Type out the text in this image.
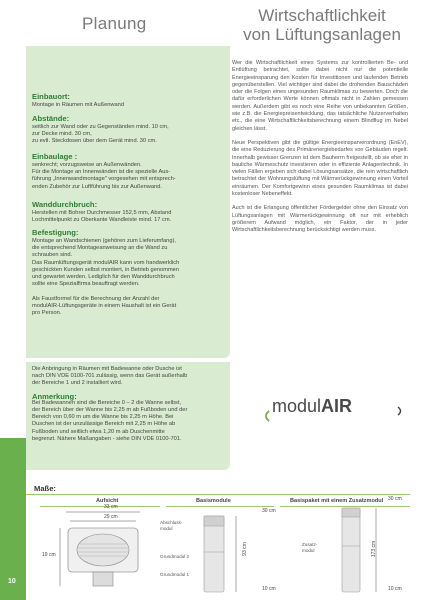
Planung	Wirtschaftlichkeit
von Lüftungsanlagen
Einbauort:
Montage in Räumen mit Außenwand
Abstände:
seitlich zur Wand oder zu Gegenständen mind. 10 cm,
zur Decke mind. 30 cm,
zu evtl. Steckdosen über dem Gerät mind. 30 cm.
Einbaulage :
senkrecht; vorzugsweise an Außenwänden.
Für die Montage an Innenwänden ist die spezielle Aus-
führung „Innenwandmontage" vorgesehen mit entsprech-
enden Zubehör zur Luftführung bis zur Außenwand.
Wanddurchbruch:
Herstellen mit Bohrer Durchmesser 152,5 mm, Abstand
Lochmittelpunkt zu Oberkante Wandleiste mind. 17 cm.
Befestigung:
Montage an Wandschienen (gehören zum Lieferumfang),
die entsprechend Montageanweisung an die Wand zu
schrauben sind.
Das Raumlüftungsgerät modulAIR kann vom handwerklich
geschickten Kunden selbst montiert, in Betrieb genommen
und gewartet werden. Lediglich für den Wanddurchbruch
sollte eine Spezialfirma beauftragt werden.
Als Faustformel für die Berechnung der Anzahl der
modulAIR-Lüftungsgeräte in einem Haushalt ist ein Gerät
pro Person.
Die Anbringung in Räumen mit Badewanne oder Dusche ist
nach DIN VDE 0100-701 zulässig, wenn das Gerät außerhalb
der Bereiche 1 und 2 installiert wird.
Anmerkung:
Bei Badewannen sind die Bereiche 0 – 2 die Wanne selbst,
der Bereich über der Wanne bis 2,25 m ab Fußboden und der
Bereich von 0,60 m um die Wanne bis 2,25 m Höhe. Bei
Duschen ist der unzulässige Bereich mit 2,25 m Höhe ab
Fußboden und seitlich etwa 1,20 m ab Duschenmitte
begrenzt. Nähere Maßangaben - siehe DIN VDE 0100-701.

Wer die Wirtschaftlichkeit eines Systems zur kontrollierten Be- und Entlüftung betrachtet, sollte dabei nicht nur die potentielle Energieeinsparung den Kosten für Investitionen und laufenden Betrieb gegenüberstellen. Viel wichtiger sind dabei die drohenden Bauschäden oder die Folgen eines ungesunden Raumklimas zu bewerten. Doch die dafür erforderlichen Werte können oftmals nicht in Zahlen gemessen werden. Außerdem gibt es noch eine Reihe von unbekannten Größen, wie z.B. die Energiepreisentwicklung, das tatsächliche Nutzerverhalten etc., die eine Wirtschaftlichkeitsberechnung einem Blindflug im Nebel gleichen lässt.

Neue Perspektiven gibt die gültige Energieeinsparverordnung (EnEV), die eine Reduzierung des Primärenergiebedarfes von Gebäuden regelt. Innerhalb gewisser Grenzen ist dem Bauherrn freigestellt, ob sie eher in bauliche Wärmeschutz investieren oder in effiziente Anlagentechnik. In vielen Fällen ergeben sich dabei Lösungsansätze, die rein wirtschaftlich betrachtet der Wohnungslüftung mit Wärmerückgewinnung einen Vorteil einräumen. Der Komfortgewinn eines gesunden Raumklimas ist dabei kostenloser Nebeneffekt.

Auch ist die Erlangung öffentlicher Fördergelder ohne den Einsatz von Lüftungsanlagen mit Wärmerückgewinnung oft nur mit erheblich größerem Aufwand möglich, ein Faktor, der in jeder Wirtschaftlichkeitsberechnung berücksichtigt werden muss.

modulAIR
Maße:
Aufsicht	Basismodule	Basispaket mit einem Zusatzmodul
33 cm
29 cm
19 cm
Abschluss-
modul
Grundmodul 2
Grundmodul 1
30 cm
93 cm
10 cm
Zusatz-
modul
30 cm
173 cm
10 cm
10
